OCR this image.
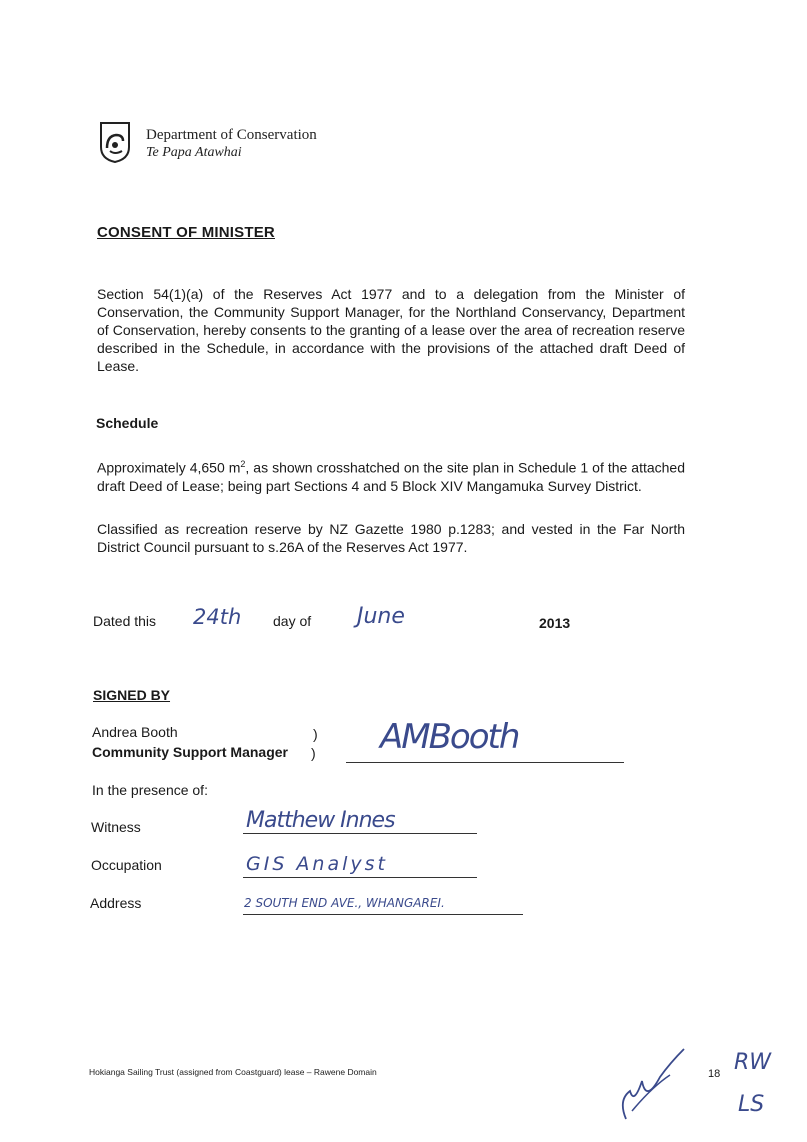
Department of Conservation
Te Papa Atawhai
CONSENT OF MINISTER
Section 54(1)(a) of the Reserves Act 1977 and to a delegation from the Minister of Conservation, the Community Support Manager, for the Northland Conservancy, Department of Conservation, hereby consents to the granting of a lease over the area of recreation reserve described in the Schedule, in accordance with the provisions of the attached draft Deed of Lease.
Schedule
Approximately 4,650 $m^2$, as shown crosshatched on the site plan in Schedule 1 of the attached draft Deed of Lease; being part Sections 4 and 5 Block XIV Mangamuka Survey District.
Classified as recreation reserve by NZ Gazette 1980 p.1283; and vested in the Far North District Council pursuant to s.26A of the Reserves Act 1977.
Dated this 24th day of June	2013
SIGNED BY
Andrea Booth
Community Support Manager
)
) AMBooth
In the presence of:
Witness	Matthew Innes
Occupation	GIS Analyst
Address	2 SOUTH END AVE., WHANGAREI.
Hokianga Sailing Trust (assigned from Coastguard) lease – Rawene Domain	18 RW
LS
